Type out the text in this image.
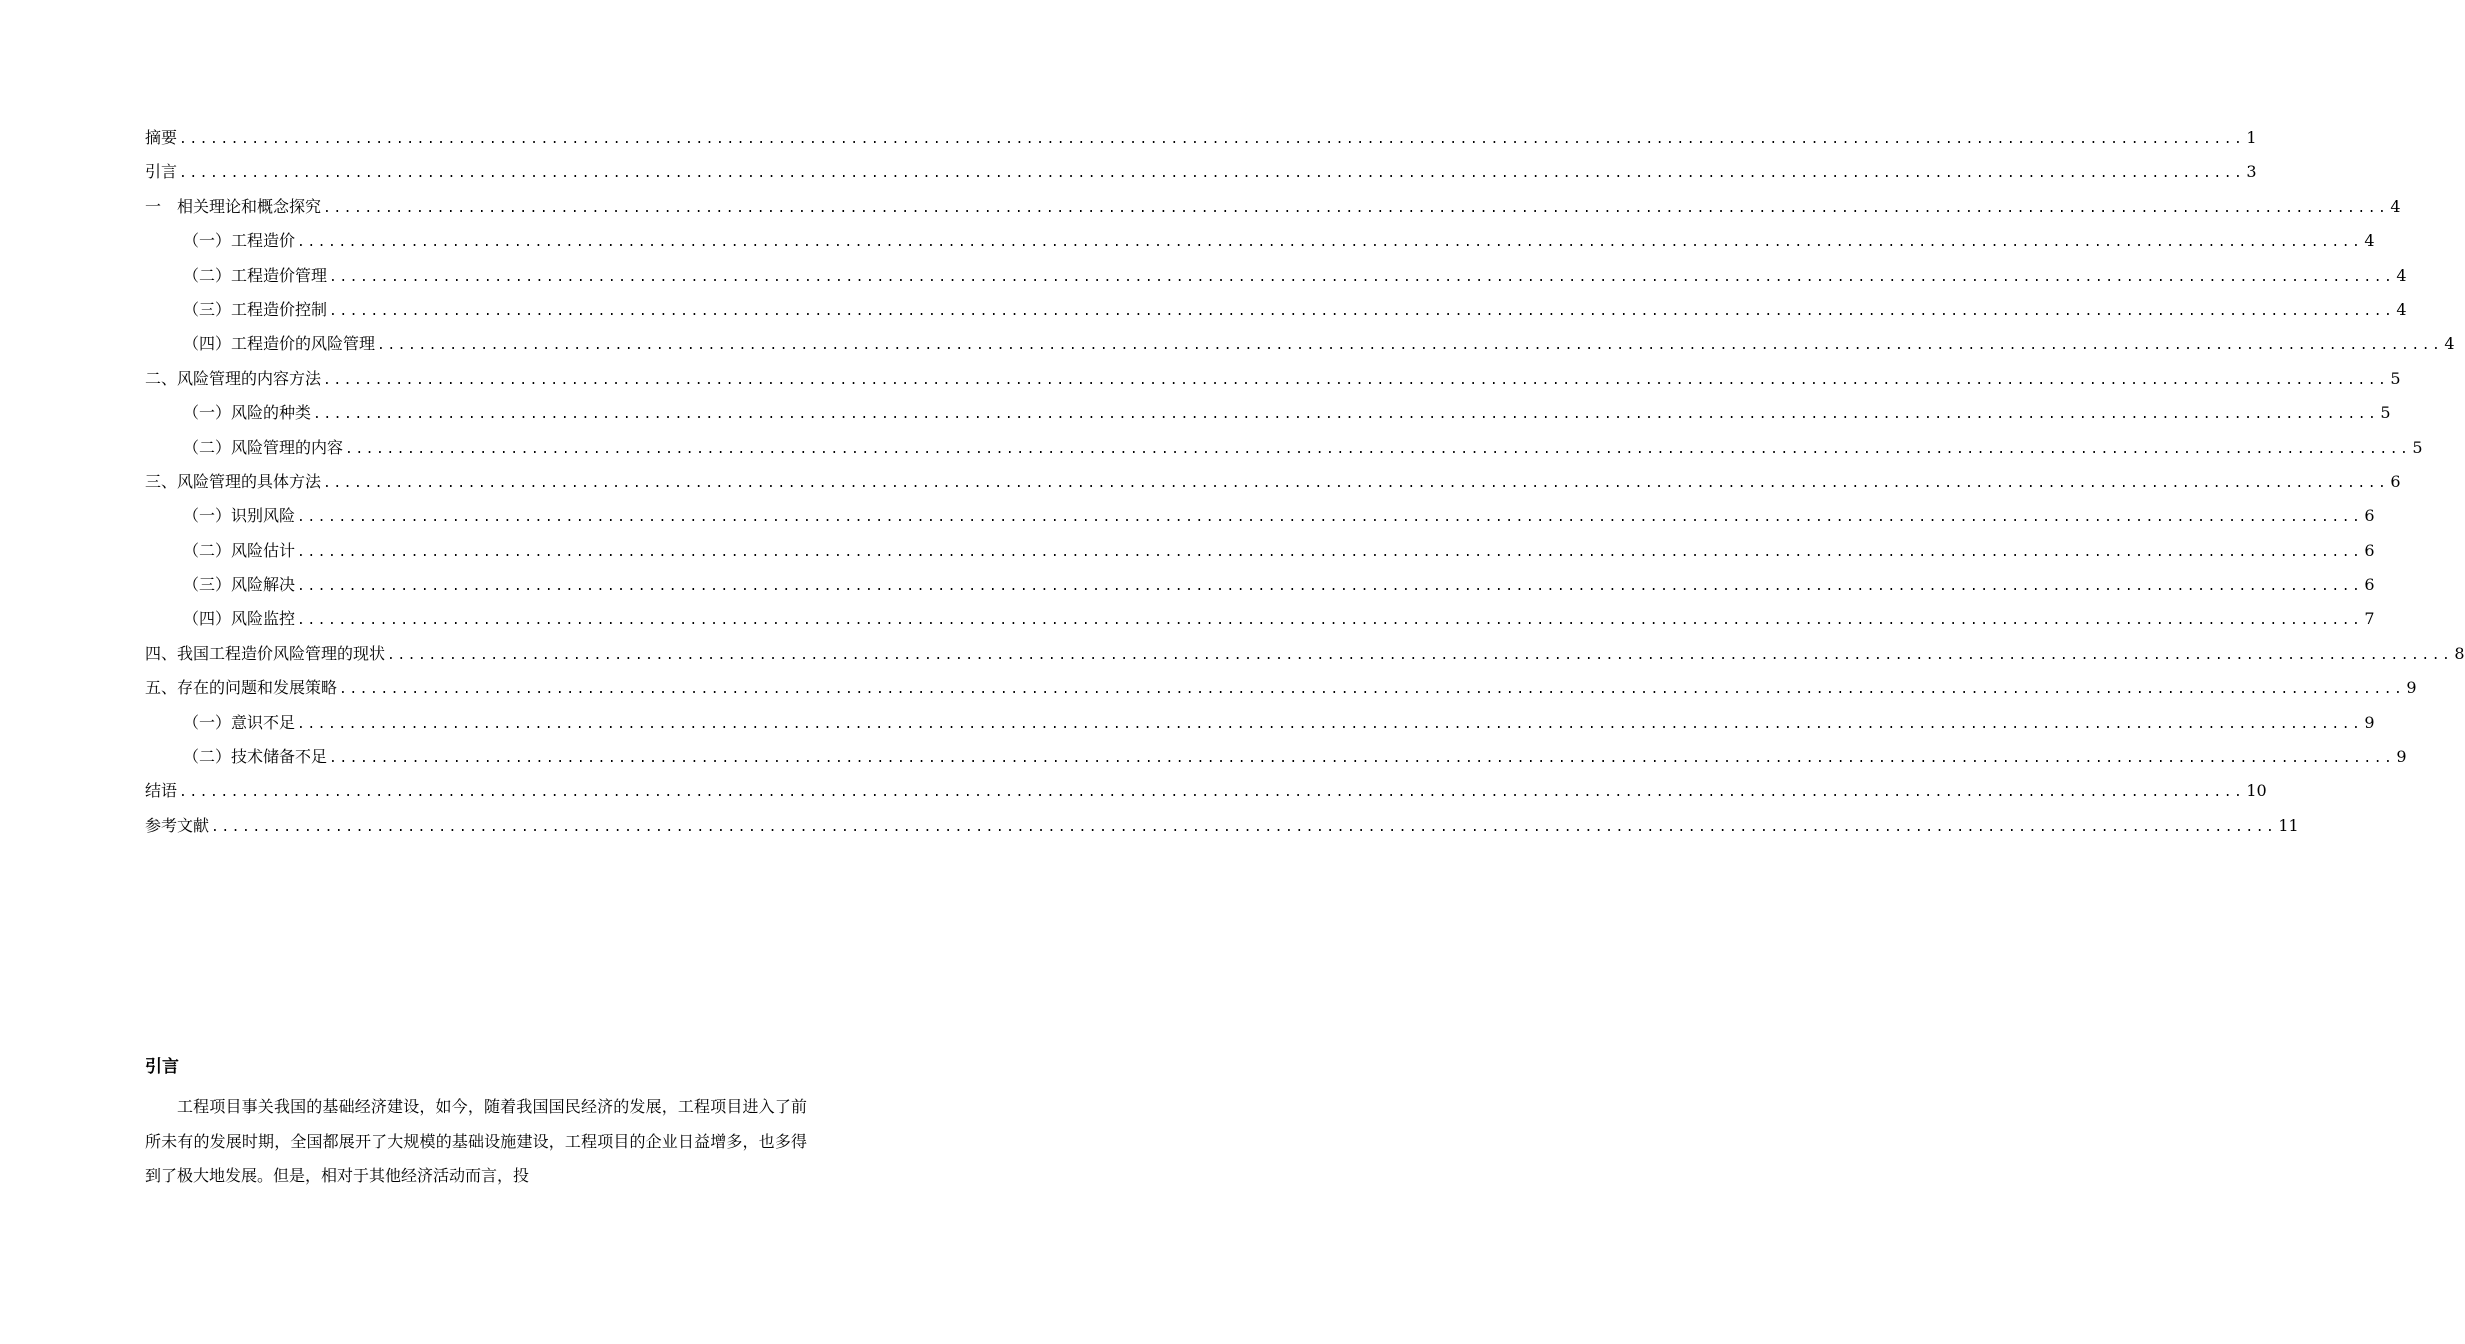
摘要 ........................................................................................................................................................................................................ 1
引言 ........................................................................................................................................................................................................ 3
一　相关理论和概念探究 ........................................................................................................................................................................................................ 4
（一）工程造价 ........................................................................................................................................................................................................ 4
（二）工程造价管理 ........................................................................................................................................................................................................ 4
（三）工程造价控制 ........................................................................................................................................................................................................ 4
（四）工程造价的风险管理 ........................................................................................................................................................................................................ 4
二、风险管理的内容方法 ........................................................................................................................................................................................................ 5
（一）风险的种类 ........................................................................................................................................................................................................ 5
（二）风险管理的内容 ........................................................................................................................................................................................................ 5
三、风险管理的具体方法 ........................................................................................................................................................................................................ 6
（一）识别风险 ........................................................................................................................................................................................................ 6
（二）风险估计 ........................................................................................................................................................................................................ 6
（三）风险解决 ........................................................................................................................................................................................................ 6
（四）风险监控 ........................................................................................................................................................................................................ 7
四、我国工程造价风险管理的现状 ........................................................................................................................................................................................................ 8
五、存在的问题和发展策略 ........................................................................................................................................................................................................ 9
（一）意识不足 ........................................................................................................................................................................................................ 9
（二）技术储备不足 ........................................................................................................................................................................................................ 9
结语 ........................................................................................................................................................................................................ 10
参考文献 ........................................................................................................................................................................................................ 11
引言

工程项目事关我国的基础经济建设，如今，随着我国国民经济的发展，工程项目进入了前所未有的发展时期，全国都展开了大规模的基础设施建设，工程项目的企业日益增多，也多得到了极大地发展。但是，相对于其他经济活动而言，投
